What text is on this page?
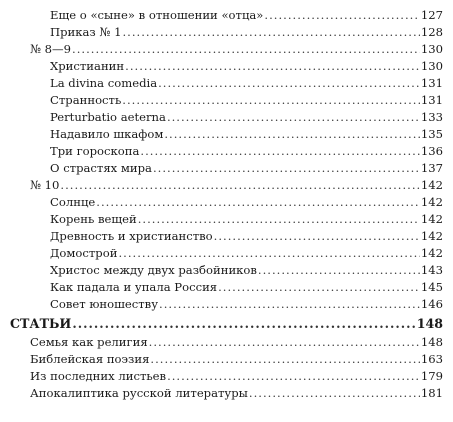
Еще о «сыне» в отношении «отца» .....	127
Приказ № 1 .....	128
№ 8—9 .....	130
Христианин .....	130
La divina comedia .....	131
Странность .....	131
Perturbatio aeterna .....	133
Надавило шкафом .....	135
Три гороскопа .....	136
О страстях мира .....	137
№ 10 .....	142
Солнце .....	142
Корень вещей .....	142
Древность и христианство .....	142
Домострой .....	142
Христос между двух разбойников .....	143
Как падала и упала Россия .....	145
Совет юношеству .....	146
СТАТЬИ .....	148
Семья как религия .....	148
Библейская поэзия .....	163
Из последних листьев .....	179
Апокалиптика русской литературы .....	181
